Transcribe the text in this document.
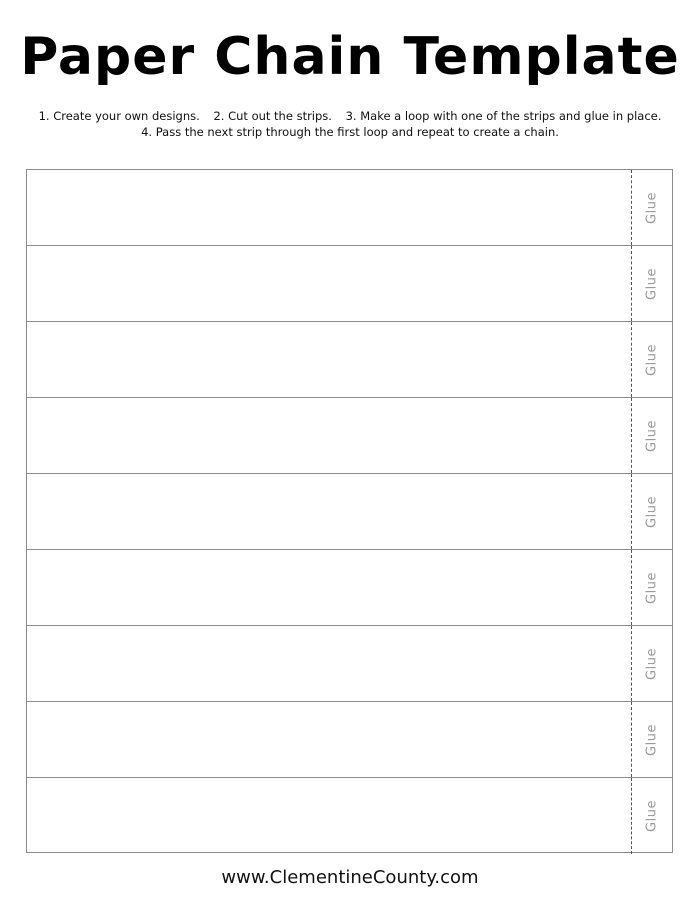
Paper Chain Template
1. Create your own designs. 2. Cut out the strips. 3. Make a loop with one of the strips and glue in place.
4. Pass the next strip through the first loop and repeat to create a chain.
Glue
Glue
Glue
Glue
Glue
Glue
Glue
Glue
Glue
www.ClementineCounty.com
